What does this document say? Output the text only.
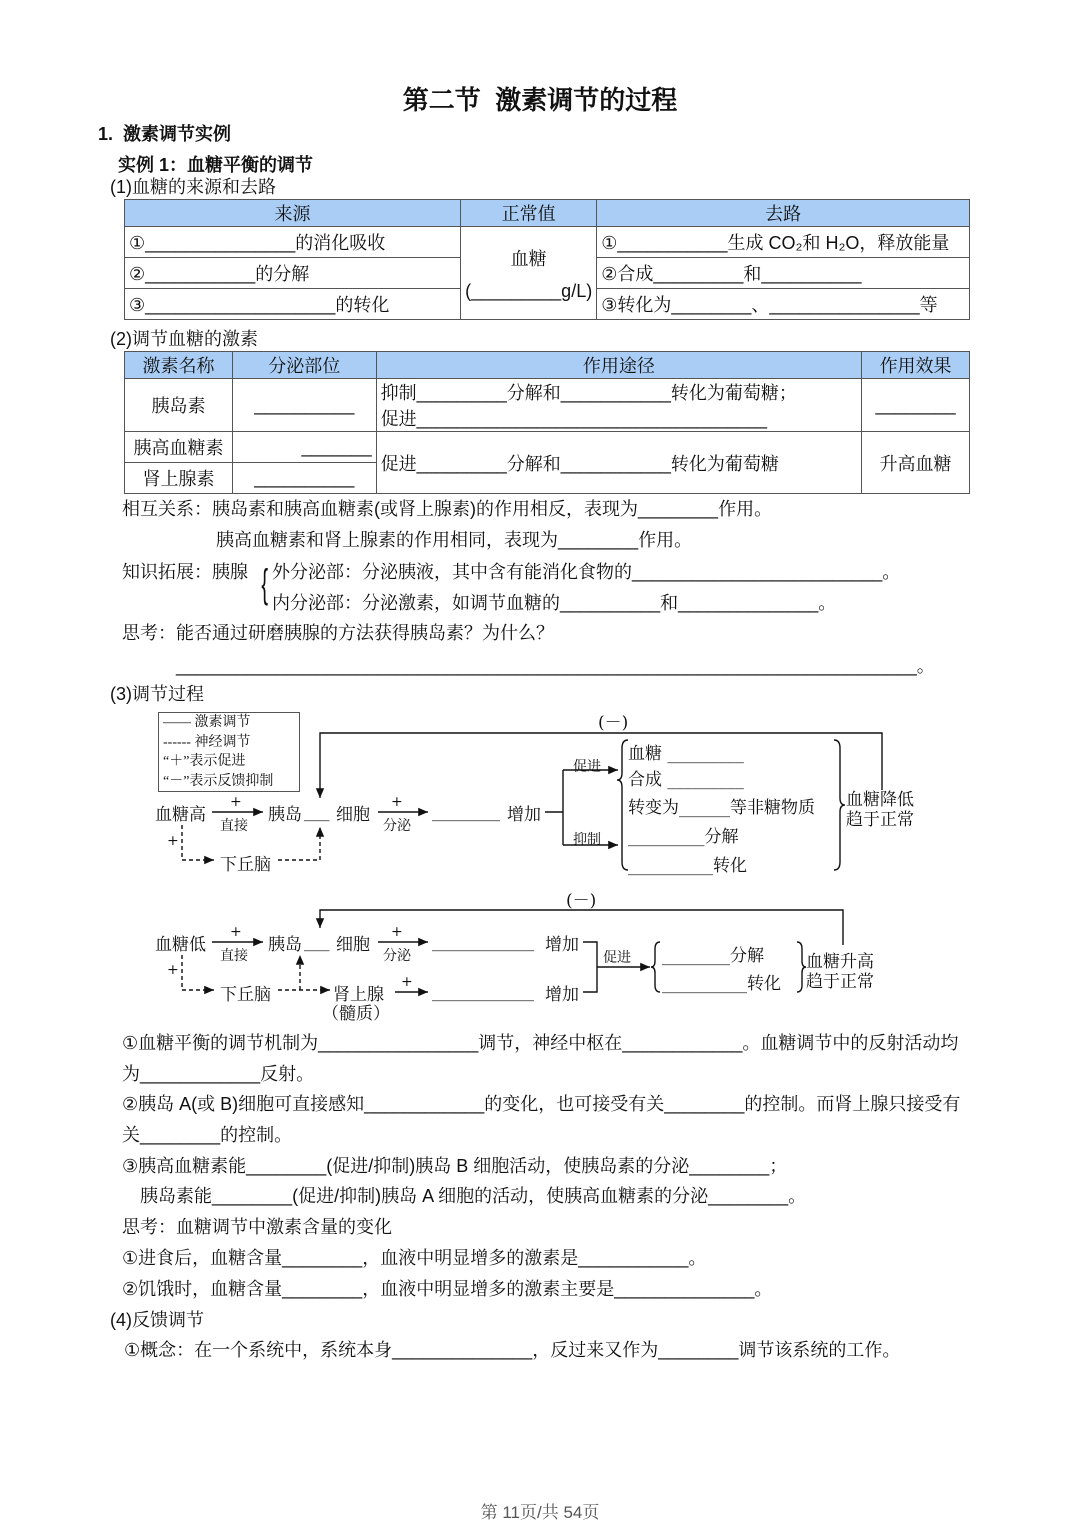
第二节  激素调节的过程
1.  激素调节实例
实例 1：血糖平衡的调节
(1)血糖的来源和去路
来源	正常值	去路
①_______________的消化吸收	血糖
(_________g/L)	①___________生成 CO₂和 H₂O，释放能量
②___________的分解		②合成_________和__________
③___________________的转化		③转化为________、_______________等
(2)调节血糖的激素
激素名称	分泌部位	作用途径	作用效果
胰岛素	__________	抑制_________分解和___________转化为葡萄糖；
促进___________________________________	________
胰高血糖素	_______	促进_________分解和___________转化为葡萄糖	升高血糖
肾上腺素	__________		
相互关系：胰岛素和胰高血糖素(或肾上腺素)的作用相反，表现为________作用。
胰高血糖素和肾上腺素的作用相同，表现为________作用。
知识拓展：胰腺 { 外分泌部：分泌胰液，其中含有能消化食物的_________________________。
内分泌部：分泌激素，如调节血糖的__________和______________。
思考：能否通过研磨胰腺的方法获得胰岛素？为什么？
__________________________________________________________________________。
(3)调节过程
—— 激素调节
------ 神经调节
“＋”表示促进
“－”表示反馈抑制
(－)
血糖高
+
直接
胰岛 ___ 细胞
+
分泌
________ 增加
促进
抑制
血糖 _________
合成 _________
转变为______等非糖物质
_________分解
__________转化
血糖降低
趋于正常
+
下丘脑
(－)
血糖低
+
直接
胰岛 ___ 细胞
+
分泌
____________ 增加
促进 ________分解
__________转化
血糖升高
趋于正常
+
下丘脑	肾上腺
（髓质）
+ ____________ 增加
①血糖平衡的调节机制为________________调节，神经中枢在____________。血糖调节中的反射活动均
为____________反射。
②胰岛 A(或 B)细胞可直接感知____________的变化，也可接受有关________的控制。而肾上腺只接受有
关________的控制。
③胰高血糖素能________(促进/抑制)胰岛 B 细胞活动，使胰岛素的分泌________；
胰岛素能________(促进/抑制)胰岛 A 细胞的活动，使胰高血糖素的分泌________。
思考：血糖调节中激素含量的变化
①进食后，血糖含量________，血液中明显增多的激素是___________。
②饥饿时，血糖含量________，血液中明显增多的激素主要是______________。
(4)反馈调节
①概念：在一个系统中，系统本身______________，反过来又作为________调节该系统的工作。
第 11页/共 54页
